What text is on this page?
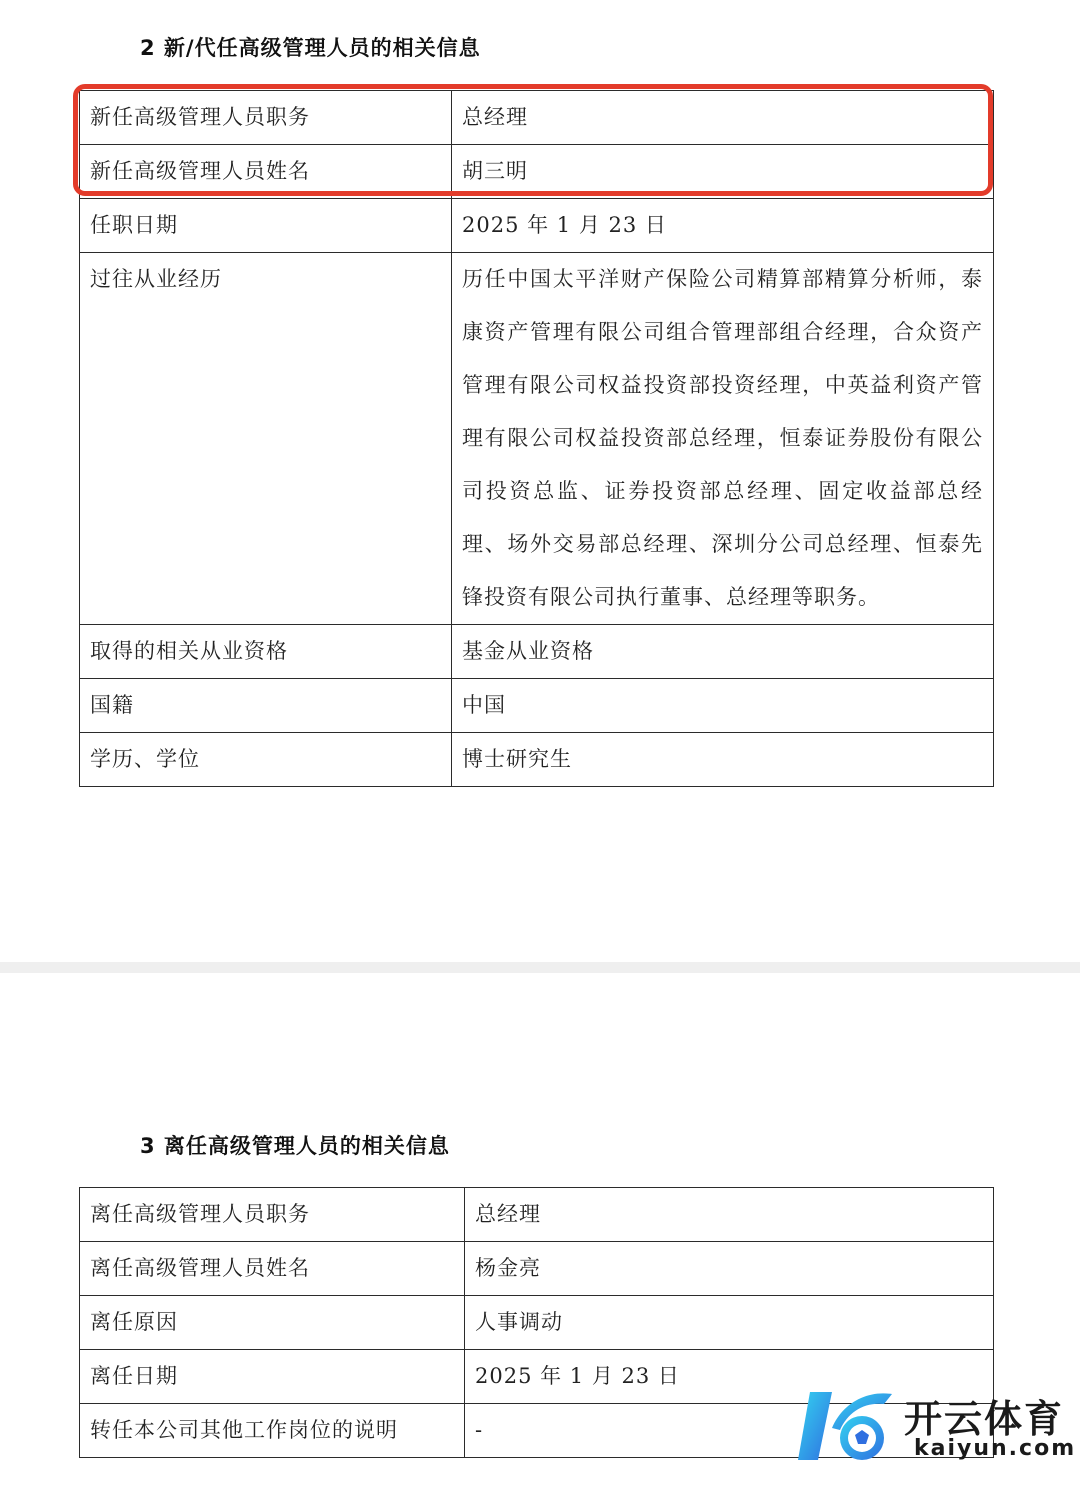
2 新/代任高级管理人员的相关信息
新任高级管理人员职务	总经理
新任高级管理人员姓名	胡三明
任职日期	2025 年 1 月 23 日
过往从业经历	历任中国太平洋财产保险公司精算部精算分析师，泰康资产管理有限公司组合管理部组合经理，合众资产管理有限公司权益投资部投资经理，中英益利资产管理有限公司权益投资部总经理，恒泰证券股份有限公司投资总监、证券投资部总经理、固定收益部总经理、场外交易部总经理、深圳分公司总经理、恒泰先锋投资有限公司执行董事、总经理等职务。
取得的相关从业资格	基金从业资格
国籍	中国
学历、学位	博士研究生
3 离任高级管理人员的相关信息
离任高级管理人员职务	总经理
离任高级管理人员姓名	杨金亮
离任原因	人事调动
离任日期	2025 年 1 月 23 日
转任本公司其他工作岗位的说明	-	开云体育
kaiyun.com
